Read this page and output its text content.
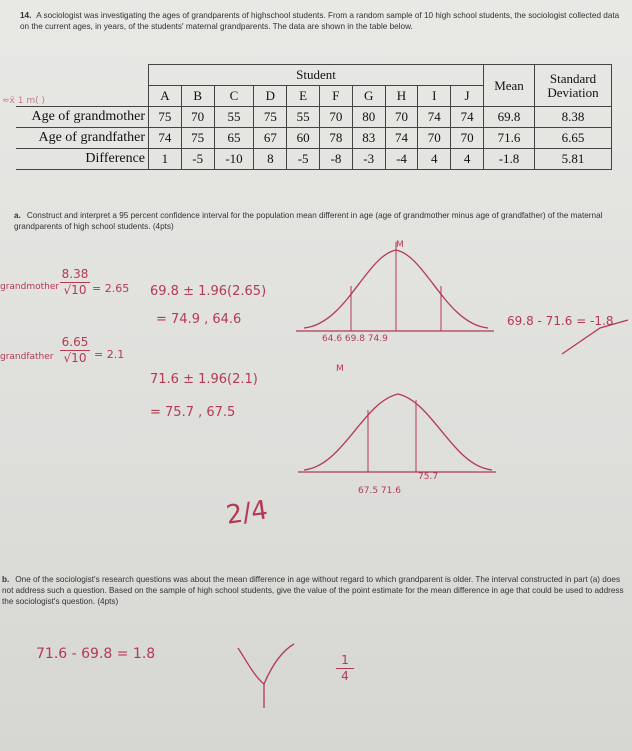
14. A sociologist was investigating the ages of grandparents of highschool students. From a random sample of 10 high school students, the sociologist collected data on the current ages, in years, of the students' maternal grandparents. The data are shown in the table below.
	Student										Mean	Standard Deviation
	A	B	C	D	E	F	G	H	I	J		
Age of grandmother	75	70	55	75	55	70	80	70	74	74	69.8	8.38
Age of grandfather	74	75	65	67	60	78	83	74	70	70	71.6	6.65
Difference	1	-5	-10	8	-5	-8	-3	-4	4	4	-1.8	5.81
≈x̄ 1 m( )
a. Construct and interpret a 95 percent confidence interval for the population mean different in age (age of grandmother minus age of grandfather) of the maternal grandparents of high school students. (4pts)
grandmother
8.38
√10 = 2.65 69.8 ± 1.96(2.65)
= 74.9 , 64.6
grandfather
6.65
√10 = 2.1
71.6 ± 1.96(2.1)
= 75.7 , 67.5
M
64.6 69.8 74.9
M
67.5 71.6
75.7
69.8 - 71.6 = -1.8
2/4
b. One of the sociologist's research questions was about the mean difference in age without regard to which grandparent is older. The interval constructed in part (a) does not address such a question. Based on the sample of high school students, give the value of the point estimate for the mean difference in age that could be used to address the sociologist's question. (4pts)
71.6 - 69.8 = 1.8	1
4
